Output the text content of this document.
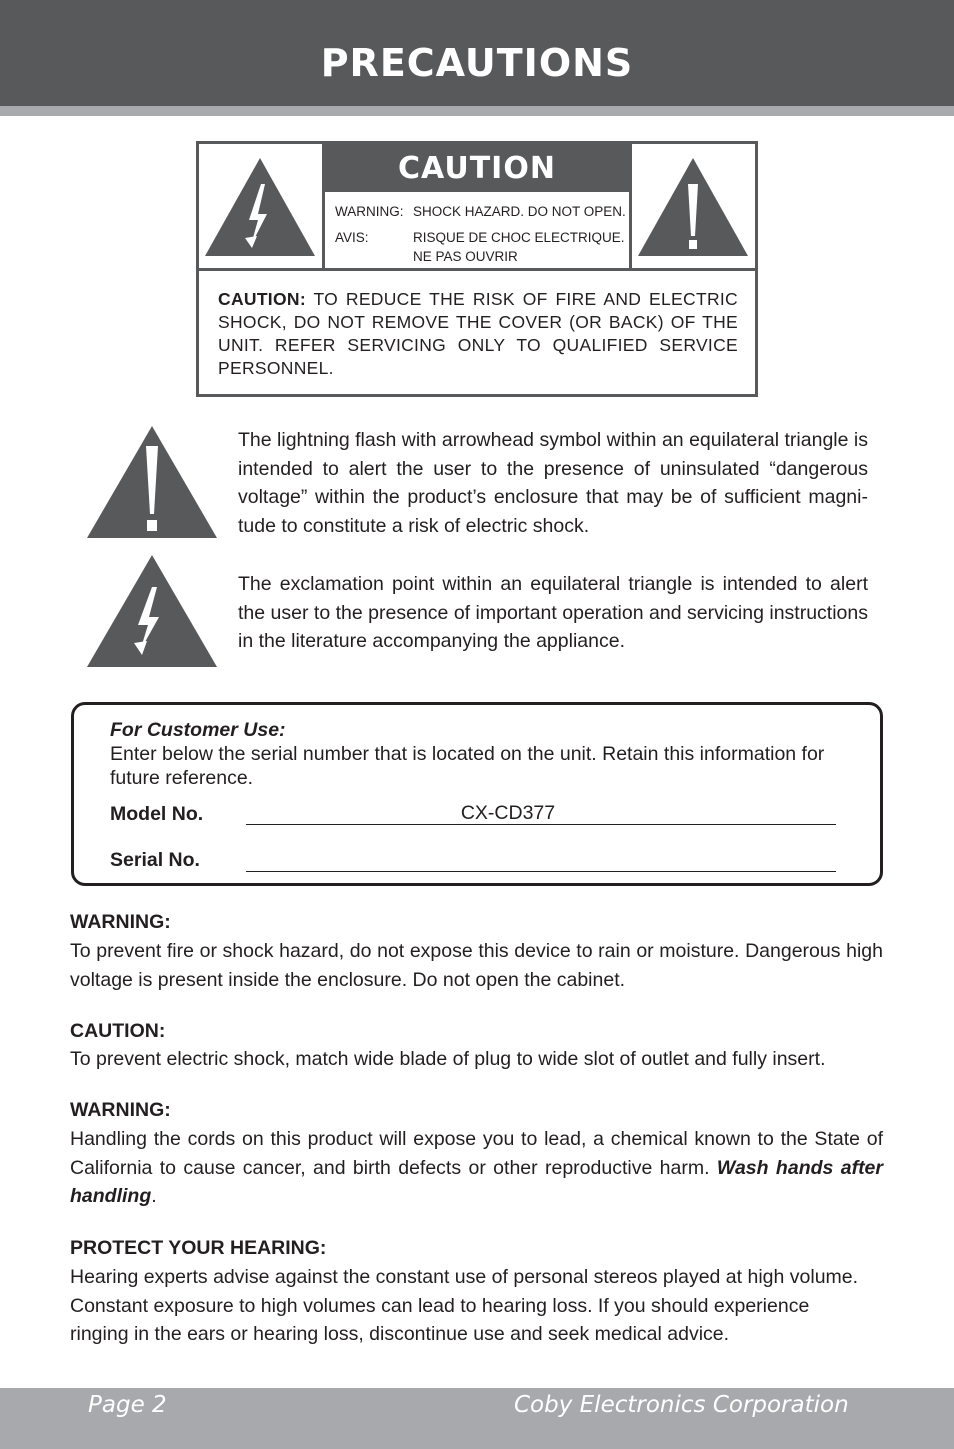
PRECAUTIONS
CAUTION
WARNING: SHOCK HAZARD. DO NOT OPEN.
AVIS:	RISQUE DE CHOC ELECTRIQUE.
NE PAS OUVRIR
CAUTION: TO REDUCE THE RISK OF FIRE AND ELECTRIC SHOCK, DO NOT REMOVE THE COVER (OR BACK) OF THE UNIT. REFER SERVICING ONLY TO QUALIFIED SERVICE PERSONNEL.
The lightning flash with arrowhead symbol within an equilateral triangle is intended to alert the user to the presence of uninsulated “dangerous voltage” within the product’s enclosure that may be of sufficient magnitude to constitute a risk of electric shock.
The exclamation point within an equilateral triangle is intended to alert the user to the presence of important operation and servicing instructions in the literature accompanying the appliance.
For Customer Use:
Enter below the serial number that is located on the unit. Retain this information for future reference.
Model No.	CX-CD377
Serial No.
WARNING:
To prevent fire or shock hazard, do not expose this device to rain or moisture. Dangerous high voltage is present inside the enclosure. Do not open the cabinet.
CAUTION:
To prevent electric shock, match wide blade of plug to wide slot of outlet and fully insert.
WARNING:
Handling the cords on this product will expose you to lead, a chemical known to the State of California to cause cancer, and birth defects or other reproductive harm. Wash hands after handling.
PROTECT YOUR HEARING:
Hearing experts advise against the constant use of personal stereos played at high volume. Constant exposure to high volumes can lead to hearing loss. If you should experience ringing in the ears or hearing loss, discontinue use and seek medical advice.
Page 2	Coby Electronics Corporation
